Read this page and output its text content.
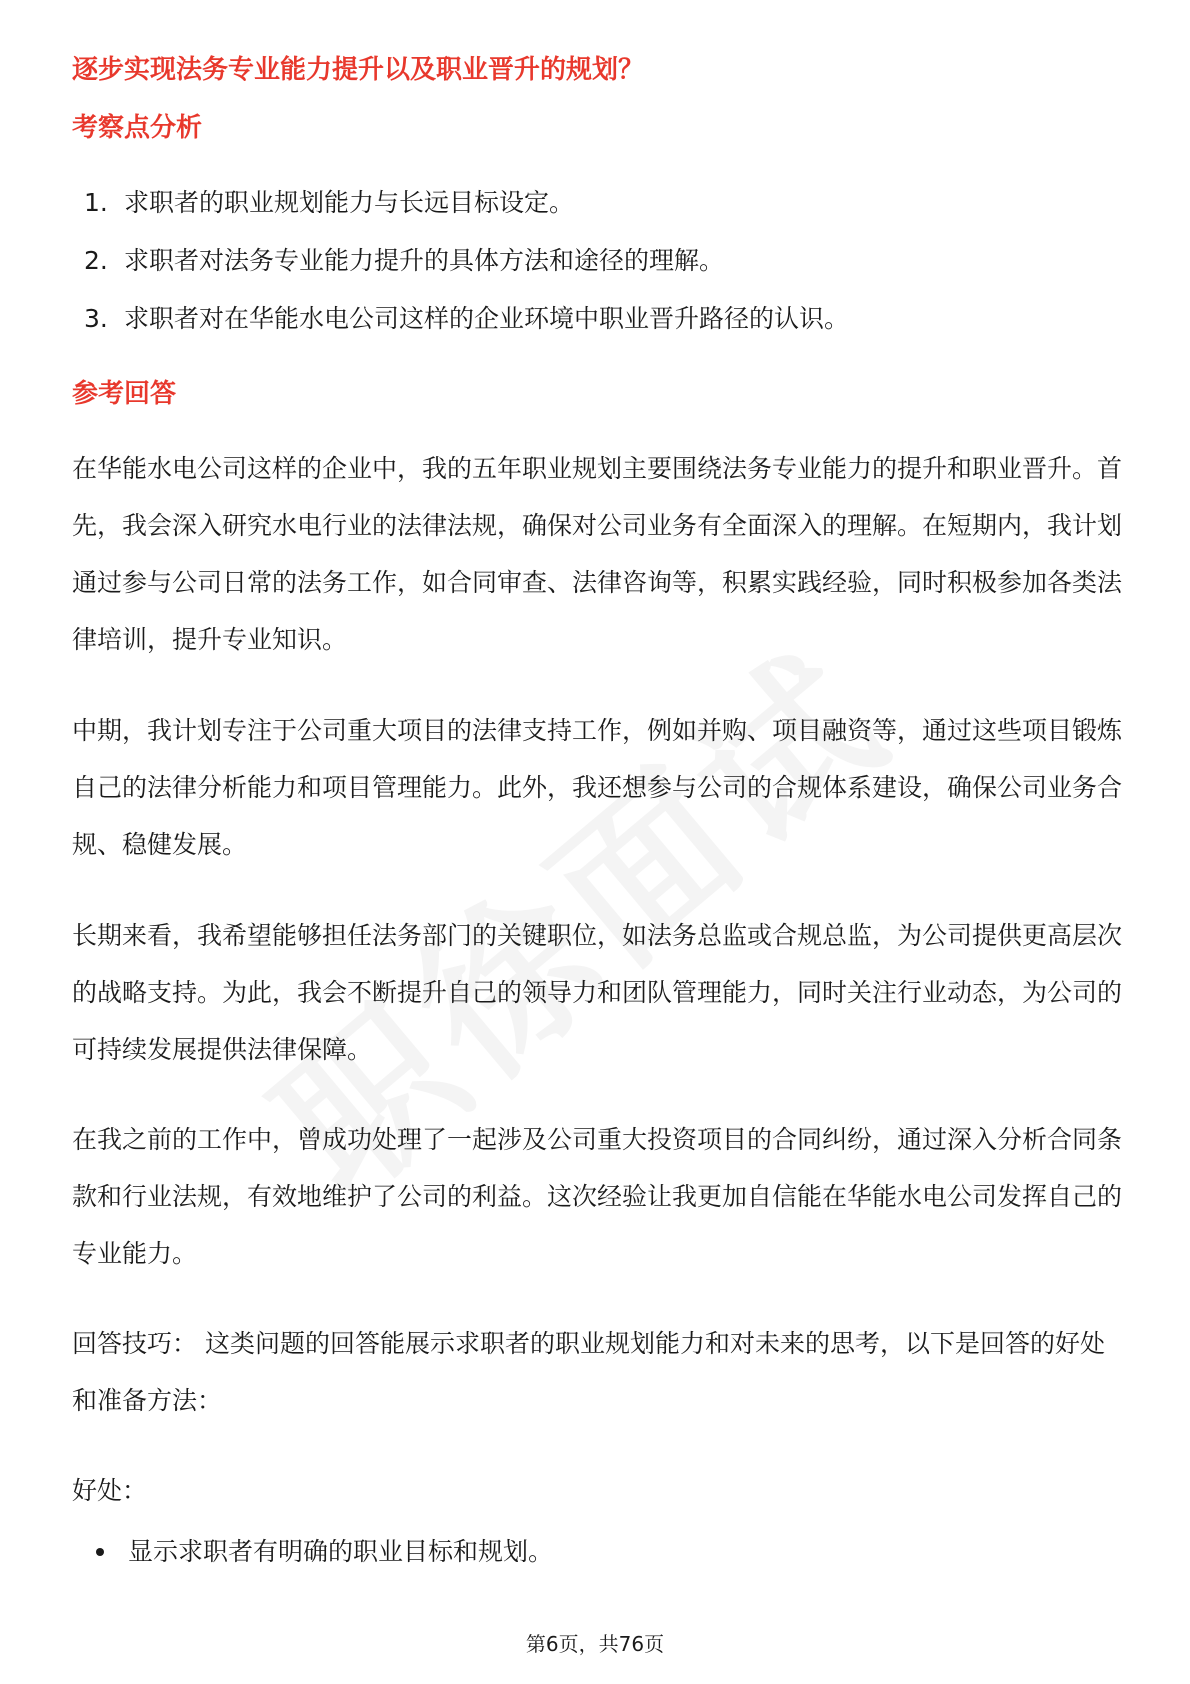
逐步实现法务专业能力提升以及职业晋升的规划？
考察点分析
1. 求职者的职业规划能力与长远目标设定。
2. 求职者对法务专业能力提升的具体方法和途径的理解。
3. 求职者对在华能水电公司这样的企业环境中职业晋升路径的认识。
参考回答

在华能水电公司这样的企业中，我的五年职业规划主要围绕法务专业能力的提升和职业晋升。首先，我会深入研究水电行业的法律法规，确保对公司业务有全面深入的理解。在短期内，我计划通过参与公司日常的法务工作，如合同审查、法律咨询等，积累实践经验，同时积极参加各类法律培训，提升专业知识。

中期，我计划专注于公司重大项目的法律支持工作，例如并购、项目融资等，通过这些项目锻炼自己的法律分析能力和项目管理能力。此外，我还想参与公司的合规体系建设，确保公司业务合规、稳健发展。

长期来看，我希望能够担任法务部门的关键职位，如法务总监或合规总监，为公司提供更高层次的战略支持。为此，我会不断提升自己的领导力和团队管理能力，同时关注行业动态，为公司的可持续发展提供法律保障。

在我之前的工作中，曾成功处理了一起涉及公司重大投资项目的合同纠纷，通过深入分析合同条款和行业法规，有效地维护了公司的利益。这次经验让我更加自信能在华能水电公司发挥自己的专业能力。

回答技巧： 这类问题的回答能展示求职者的职业规划能力和对未来的思考，以下是回答的好处和准备方法：

好处：

显示求职者有明确的职业目标和规划。
第6页，共76页
